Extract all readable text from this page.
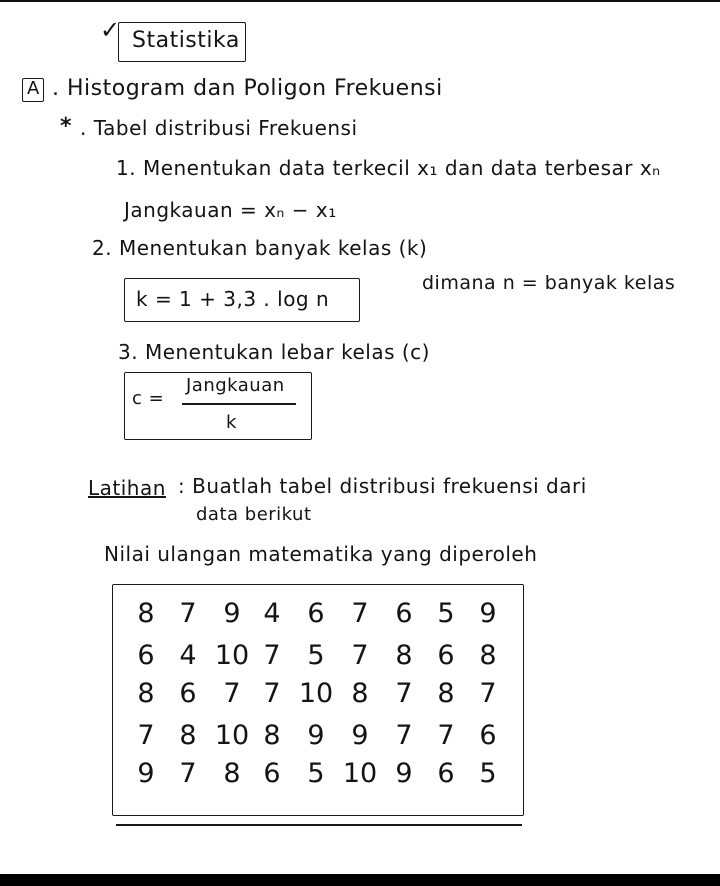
✓ Statistika
A . Histogram dan Poligon Frekuensi
* . Tabel distribusi Frekuensi
1. Menentukan data terkecil x₁ dan data terbesar xₙ
Jangkauan = xₙ − x₁
2. Menentukan banyak kelas (k)
k = 1 + 3,3 . log n
dimana n = banyak kelas
3. Menentukan lebar kelas (c)
c =
Jangkauan
k
Latihan : Buatlah tabel distribusi frekuensi dari
data berikut
Nilai ulangan matematika yang diperoleh
8 7 9 4 6 7 6 5 9
6 4 10 7 5 7 8 6 8
8 6 7 7 10 8 7 8 7
7 8 10 8 9 9 7 7 6
9 7 8 6 5 10 9 6 5
